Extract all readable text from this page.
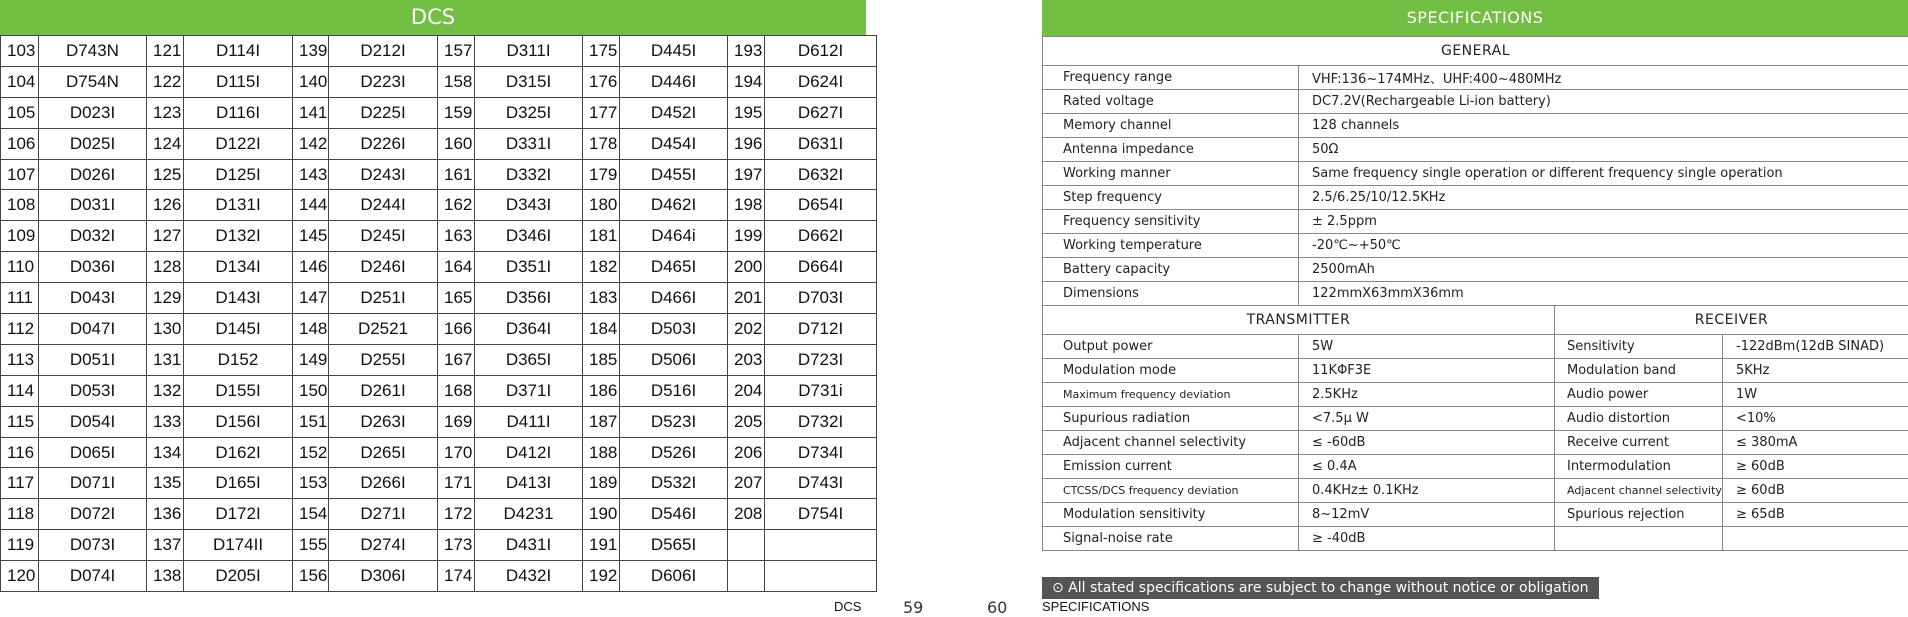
DCS
103	D743N	121	D114I	139	D212I	157	D311I	175	D445I	193	D612I
104	D754N	122	D115I	140	D223I	158	D315I	176	D446I	194	D624I
105	D023I	123	D116I	141	D225I	159	D325I	177	D452I	195	D627I
106	D025I	124	D122I	142	D226I	160	D331I	178	D454I	196	D631I
107	D026I	125	D125I	143	D243I	161	D332I	179	D455I	197	D632I
108	D031I	126	D131I	144	D244I	162	D343I	180	D462I	198	D654I
109	D032I	127	D132I	145	D245I	163	D346I	181	D464i	199	D662I
110	D036I	128	D134I	146	D246I	164	D351I	182	D465I	200	D664I
111	D043I	129	D143I	147	D251I	165	D356I	183	D466I	201	D703I
112	D047I	130	D145I	148	D2521	166	D364I	184	D503I	202	D712I
113	D051I	131	D152	149	D255I	167	D365I	185	D506I	203	D723I
114	D053I	132	D155I	150	D261I	168	D371I	186	D516I	204	D731i
115	D054I	133	D156I	151	D263I	169	D411I	187	D523I	205	D732I
116	D065I	134	D162I	152	D265I	170	D412I	188	D526I	206	D734I
117	D071I	135	D165I	153	D266I	171	D413I	189	D532I	207	D743I
118	D072I	136	D172I	154	D271I	172	D4231	190	D546I	208	D754I
119	D073I	137	D174II	155	D274I	173	D431I	191	D565I		
120	D074I	138	D205I	156	D306I	174	D432I	192	D606I		
DCS	59	60
SPECIFICATIONS
GENERAL			
Frequency range	VHF:136~174MHz、UHF:400~480MHz		
Rated voltage	DC7.2V(Rechargeable Li-ion battery)		
Memory channel	128 channels		
Antenna impedance	50Ω		
Working manner	Same frequency single operation or different frequency single operation		
Step frequency	2.5/6.25/10/12.5KHz		
Frequency sensitivity	± 2.5ppm		
Working temperature	-20℃~+50℃		
Battery capacity	2500mAh		
Dimensions	122mmX63mmX36mm		
TRANSMITTER		RECEIVER	
Output power	5W	Sensitivity	-122dBm(12dB SINAD)
Modulation mode	11KΦF3E	Modulation band	5KHz
Maximum frequency deviation	2.5KHz	Audio power	1W
Supurious radiation	<7.5µ W	Audio distortion	<10%
Adjacent channel selectivity	≤ -60dB	Receive current	≤ 380mA
Emission current	≤ 0.4A	Intermodulation	≥ 60dB
CTCSS/DCS frequency deviation	0.4KHz± 0.1KHz	Adjacent channel selectivity	≥ 60dB
Modulation sensitivity	8~12mV	Spurious rejection	≥ 65dB
Signal-noise rate	≥ -40dB		
⊙ All stated specifications are subject to change without notice or obligation
SPECIFICATIONS
